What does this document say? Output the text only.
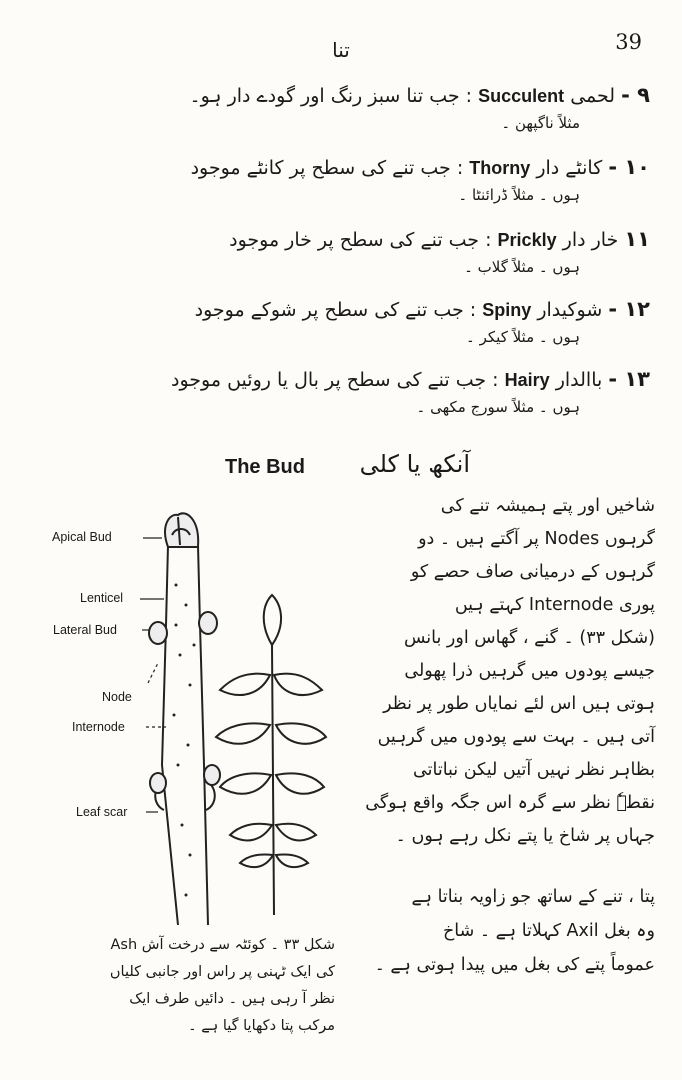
39
تنا
۹ - لحمی Succulent : جب تنا سبز رنگ اور گودے دار ہو۔
مثلاً ناگپھن ۔
۱۰ - کانٹے دار Thorny : جب تنے کی سطح پر کانٹے موجود
ہوں ۔ مثلاً ڈرائنٹا ۔
۱۱ خار دار Prickly : جب تنے کی سطح پر خار موجود
ہوں ۔ مثلاً گلاب ۔
۱۲ - شوکیدار Spiny : جب تنے کی سطح پر شوکے موجود
ہوں ۔ مثلاً کیکر ۔
۱۳ - باالدار Hairy : جب تنے کی سطح پر بال یا روئیں موجود
ہوں ۔ مثلاً سورج مکھی ۔
The Bud آنکھ یا کلی
شاخیں اور پتے ہمیشہ تنے کی
گرہوں Nodes پر آگتے ہیں ۔ دو
گرہوں کے درمیانی صاف حصے کو
پوری Internode کہتے ہیں
(شکل ۳۳) ۔ گنے ، گھاس اور بانس
جیسے پودوں میں گرہیں ذرا پھولی
ہوتی ہیں اس لئے نمایاں طور پر نظر
آتی ہیں ۔ بہت سے پودوں میں گرہیں
بظاہر نظر نہیں آتیں لیکن نباتاتی
نقطہٗ نظر سے گرہ اس جگہ واقع ہوگی
جہاں پر شاخ یا پتے نکل رہے ہوں ۔
پتا ، تنے کے ساتھ جو زاویہ بناتا ہے
وہ بغل Axil کہلاتا ہے ۔ شاخ
عموماً پتے کی بغل میں پیدا ہوتی ہے ۔
Apical Bud
Lenticel
Lateral Bud
Node
Internode
Leaf scar
شکل ۳۳ ۔ کوئٹہ سے درخت آش Ash
کی ایک ٹہنی پر راس اور جانبی کلیاں
نظر آ رہی ہیں ۔ دائیں طرف ایک
مرکب پتا دکھایا گیا ہے ۔
